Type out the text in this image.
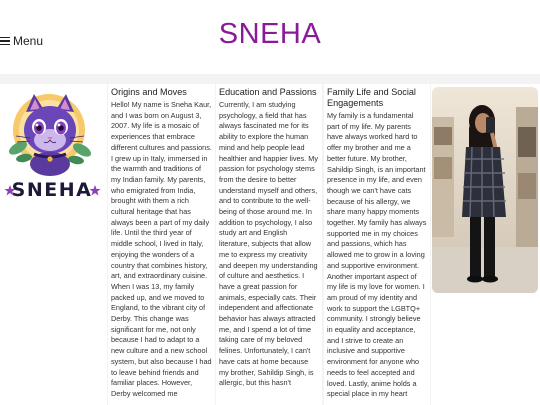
Menu	SNEHA
SNEHA
Origins and Moves

Hello! My name is Sneha Kaur, and I was born on August 3, 2007. My life is a mosaic of experiences that embrace different cultures and passions. I grew up in Italy, immersed in the warmth and traditions of my Indian family. My parents, who emigrated from India, brought with them a rich cultural heritage that has always been a part of my daily life. Until the third year of middle school, I lived in Italy, enjoying the wonders of a country that combines history, art, and extraordinary cuisine. When I was 13, my family packed up, and we moved to England, to the vibrant city of Derby. This change was significant for me, not only because I had to adapt to a new culture and a new school system, but also because I had to leave behind friends and familiar places. However, Derby welcomed me

Education and Passions

Currently, I am studying psychology, a field that has always fascinated me for its ability to explore the human mind and help people lead healthier and happier lives. My passion for psychology stems from the desire to better understand myself and others, and to contribute to the well-being of those around me. In addition to psychology, I also study art and English literature, subjects that allow me to express my creativity and deepen my understanding of culture and aesthetics. I have a great passion for animals, especially cats. Their independent and affectionate behavior has always attracted me, and I spend a lot of time taking care of my beloved felines. Unfortunately, I can't have cats at home because my brother, Sahildip Singh, is allergic, but this hasn't

Family Life and Social Engagements

My family is a fundamental part of my life. My parents have always worked hard to offer my brother and me a better future. My brother, Sahildip Singh, is an important presence in my life, and even though we can't have cats because of his allergy, we share many happy moments together. My family has always supported me in my choices and passions, which has allowed me to grow in a loving and supportive environment. Another important aspect of my life is my love for women. I am proud of my identity and work to support the LGBTQ+ community. I strongly believe in equality and acceptance, and I strive to create an inclusive and supportive environment for anyone who needs to feel accepted and loved. Lastly, anime holds a special place in my heart
